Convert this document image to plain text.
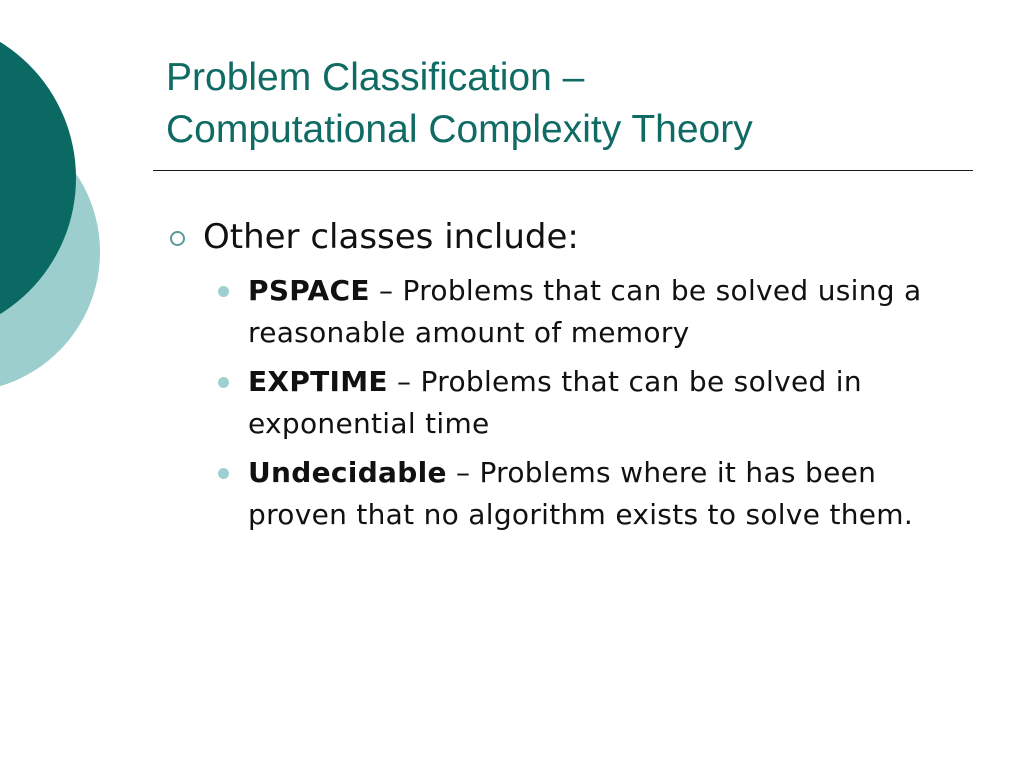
Problem Classification –
Computational Complexity Theory
Other classes include:
PSPACE – Problems that can be solved using a reasonable amount of memory
EXPTIME – Problems that can be solved in exponential time
Undecidable – Problems where it has been proven that no algorithm exists to solve them.
